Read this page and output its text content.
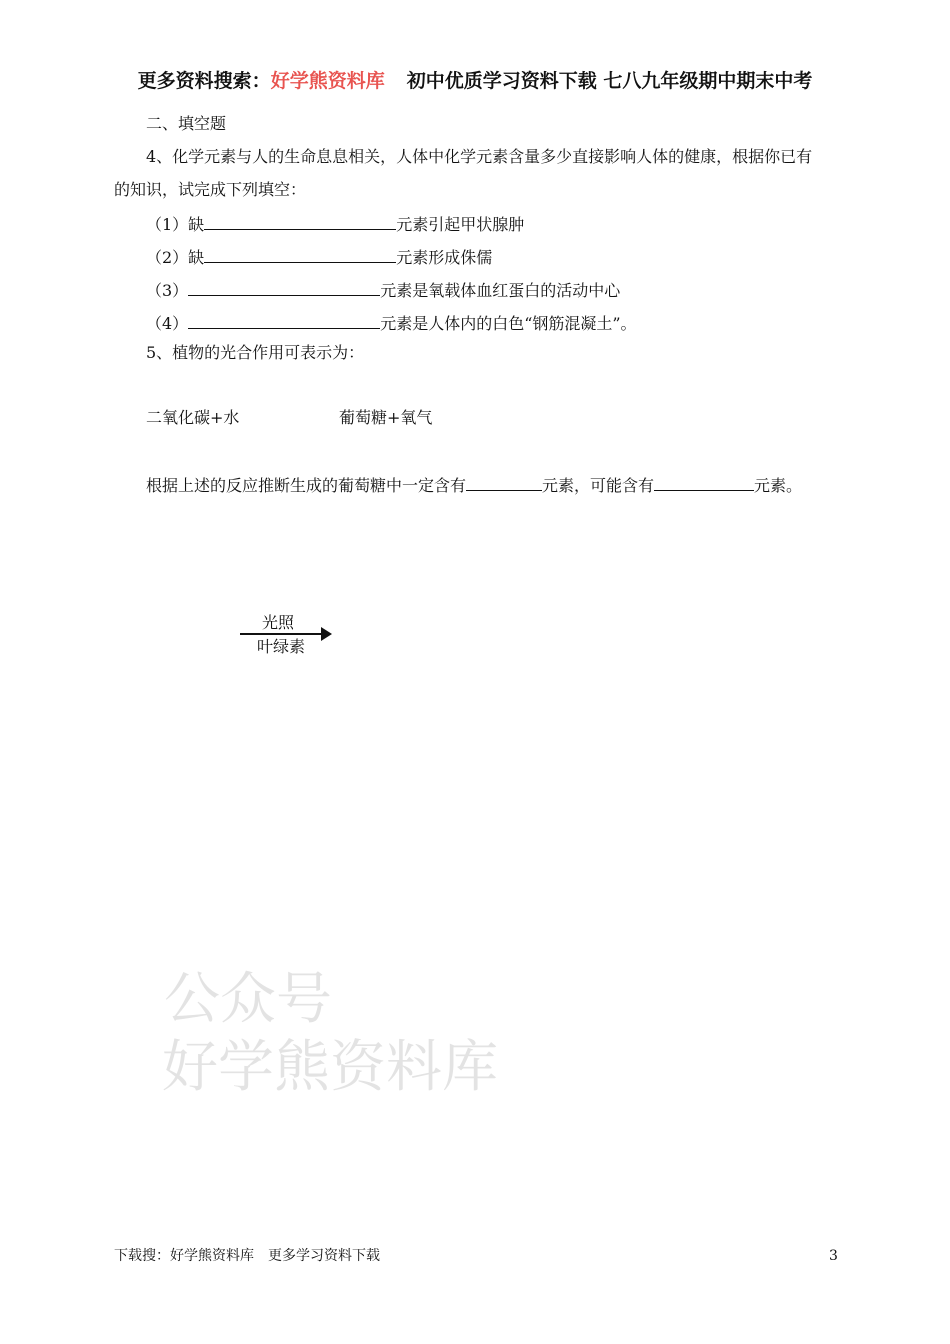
更多资料搜索：好学熊资料库 初中优质学习资料下载 七八九年级期中期末中考
二、填空题
4、化学元素与人的生命息息相关，人体中化学元素含量多少直接影响人体的健康，根据你已有
的知识，试完成下列填空：
（1）缺	元素引起甲状腺肿
（2）缺	元素形成侏儒
（3）	元素是氧载体血红蛋白的活动中心
（4）	元素是人体内的白色“钢筋混凝土”。
5、植物的光合作用可表示为：
二氧化碳+水	葡萄糖+氧气
根据上述的反应推断生成的葡萄糖中一定含有	元素，可能含有	元素。
光照
叶绿素
公众号
好学熊资料库
下载搜：好学熊资料库　更多学习资料下载	3
